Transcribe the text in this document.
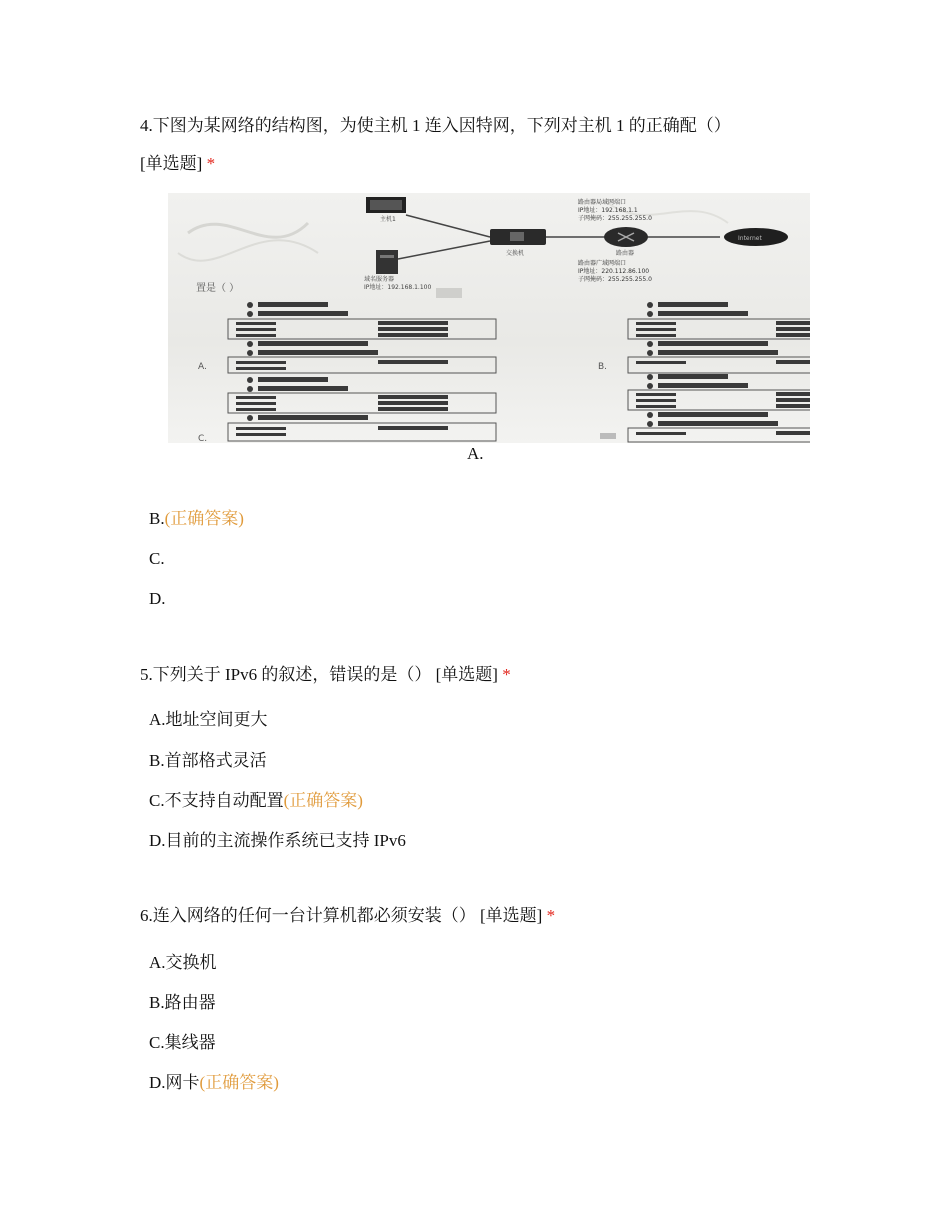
4.下图为某网络的结构图，为使主机 1 连入因特网，下列对主机 1 的正确配（）
[单选题] *
主机1
域名服务器
IP地址：192.168.1.100
交换机	路由器
路由器局域网端口
IP地址：192.168.1.1
子网掩码：255.255.255.0
路由器广域网端口
IP地址：220.112.86.100
子网掩码：255.255.255.0
Internet
置是（ ）
A.
C.
B.
A.
B.(正确答案)
C.
D.
5.下列关于 IPv6 的叙述，错误的是（） [单选题] *
A.地址空间更大
B.首部格式灵活
C.不支持自动配置(正确答案)
D.目前的主流操作系统已支持 IPv6
6.连入网络的任何一台计算机都必须安装（） [单选题] *
A.交换机
B.路由器
C.集线器
D.网卡(正确答案)
